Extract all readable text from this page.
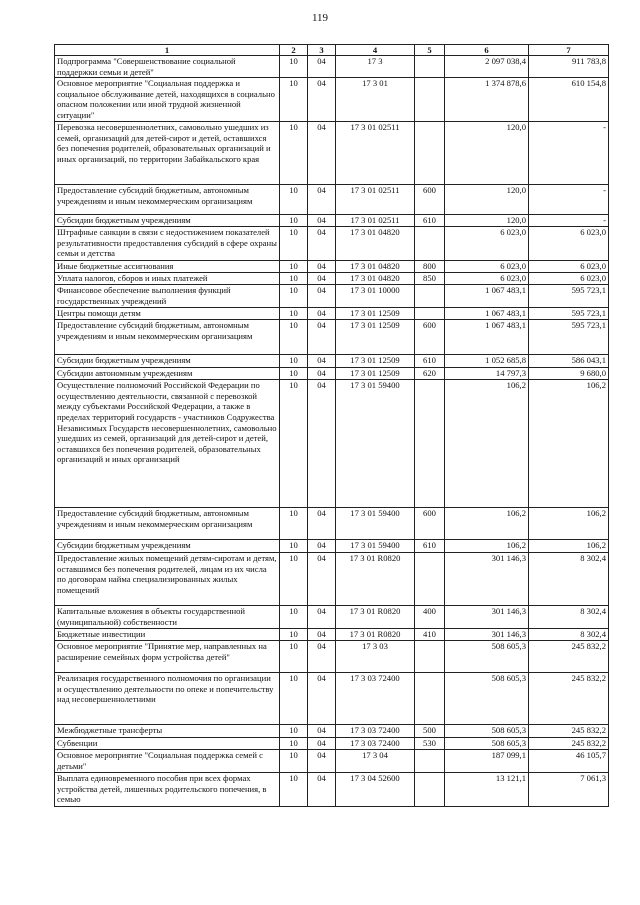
119
1	2	3	4	5	6	7
Подпрограмма "Совершенствование социальной поддержки семьи и детей"	10	04	17 3		2 097 038,4	911 783,8
Основное мероприятие "Социальная поддержка и социальное обслуживание детей, находящихся в социально опасном положении или иной трудной жизненной ситуации"	10	04	17 3 01		1 374 878,6	610 154,8
Перевозка несовершеннолетних, самовольно ушедших из семей, организаций для детей-сирот и детей, оставшихся без попечения родителей, образовательных организаций и иных организаций, по территории Забайкальского края	10	04	17 3 01 02511		120,0	-
Предоставление субсидий бюджетным, автономным учреждениям и иным некоммерческим организациям	10	04	17 3 01 02511	600	120,0	-
Субсидии бюджетным учреждениям	10	04	17 3 01 02511	610	120,0	-
Штрафные санкции в связи с недостижением показателей результативности предоставления субсидий в сфере охраны семьи и детства	10	04	17 3 01 04820		6 023,0	6 023,0
Иные бюджетные ассигнования	10	04	17 3 01 04820	800	6 023,0	6 023,0
Уплата налогов, сборов и иных платежей	10	04	17 3 01 04820	850	6 023,0	6 023,0
Финансовое обеспечение выполнения функций государственных учреждений	10	04	17 3 01 10000		1 067 483,1	595 723,1
Центры помощи детям	10	04	17 3 01 12509		1 067 483,1	595 723,1
Предоставление субсидий бюджетным, автономным учреждениям и иным некоммерческим организациям	10	04	17 3 01 12509	600	1 067 483,1	595 723,1
Субсидии бюджетным учреждениям	10	04	17 3 01 12509	610	1 052 685,8	586 043,1
Субсидии автономным учреждениям	10	04	17 3 01 12509	620	14 797,3	9 680,0
Осуществление полномочий Российской Федерации по осуществлению деятельности, связанной с перевозкой между субъектами Российской Федерации, а также в пределах территорий государств - участников Содружества Независимых Государств несовершеннолетних, самовольно ушедших из семей, организаций для детей-сирот и детей, оставшихся без попечения родителей, образовательных организаций и иных организаций	10	04	17 3 01 59400		106,2	106,2
Предоставление субсидий бюджетным, автономным учреждениям и иным некоммерческим организациям	10	04	17 3 01 59400	600	106,2	106,2
Субсидии бюджетным учреждениям	10	04	17 3 01 59400	610	106,2	106,2
Предоставление жилых помещений детям-сиротам и детям, оставшимся без попечения родителей, лицам из их числа по договорам найма специализированных жилых помещений	10	04	17 3 01 R0820		301 146,3	8 302,4
Капитальные вложения в объекты государственной (муниципальной) собственности	10	04	17 3 01 R0820	400	301 146,3	8 302,4
Бюджетные инвестиции	10	04	17 3 01 R0820	410	301 146,3	8 302,4
Основное мероприятие "Принятие мер, направленных на расширение семейных форм устройства детей"	10	04	17 3 03		508 605,3	245 832,2
Реализация государственного полномочия по организации и осуществлению деятельности по опеке и попечительству над несовершеннолетними	10	04	17 3 03 72400		508 605,3	245 832,2
Межбюджетные трансферты	10	04	17 3 03 72400	500	508 605,3	245 832,2
Субвенции	10	04	17 3 03 72400	530	508 605,3	245 832,2
Основное мероприятие "Социальная поддержка семей с детьми"	10	04	17 3 04		187 099,1	46 105,7
Выплата единовременного пособия при всех формах устройства детей, лишенных родительского попечения, в семью	10	04	17 3 04 52600		13 121,1	7 061,3
